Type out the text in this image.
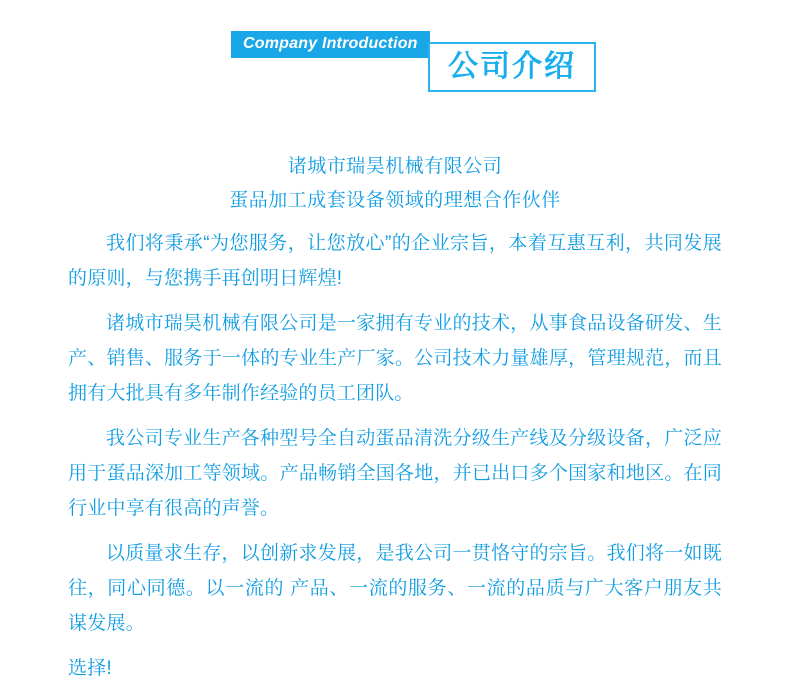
Company Introduction
公司介绍
诸城市瑞昊机械有限公司
蛋品加工成套设备领域的理想合作伙伴

我们将秉承“为您服务，让您放心”的企业宗旨，本着互惠互利，共同发展的原则，与您携手再创明日辉煌!

诸城市瑞昊机械有限公司是一家拥有专业的技术，从事食品设备研发、生产、销售、服务于一体的专业生产厂家。公司技术力量雄厚，管理规范，而且拥有大批具有多年制作经验的员工团队。

我公司专业生产各种型号全自动蛋品清洗分级生产线及分级设备，广泛应用于蛋品深加工等领域。产品畅销全国各地，并已出口多个国家和地区。在同行业中享有很高的声誉。

以质量求生存，以创新求发展，是我公司一贯恪守的宗旨。我们将一如既往，同心同德。以一流的 产品、一流的服务、一流的品质与广大客户朋友共谋发展。

选择!
